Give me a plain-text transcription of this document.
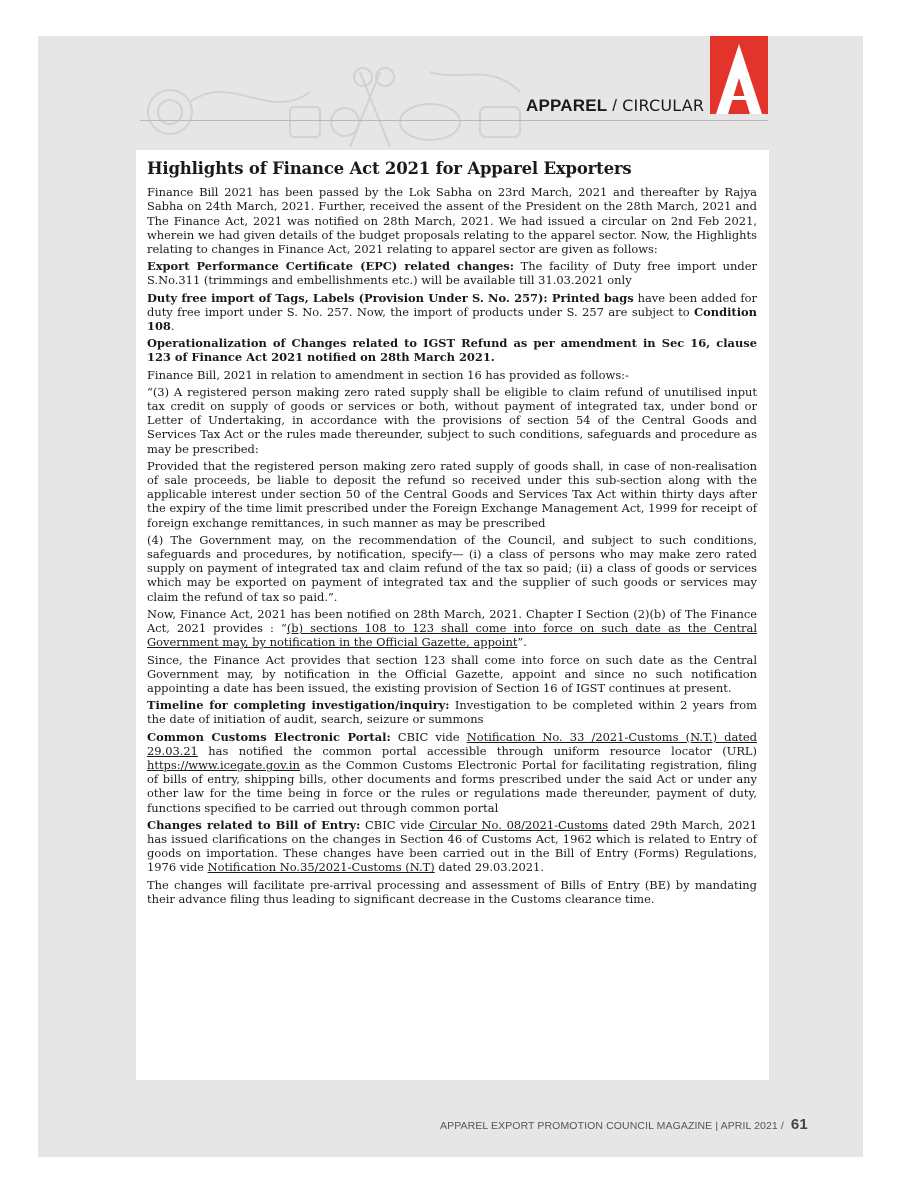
APPAREL / CIRCULAR
Highlights of Finance Act 2021 for Apparel Exporters

Finance Bill 2021 has been passed by the Lok Sabha on 23rd March, 2021 and thereafter by Rajya Sabha on 24th March, 2021. Further, received the assent of the President on the 28th March, 2021 and The Finance Act, 2021 was notified on 28th March, 2021. We had issued a circular on 2nd Feb 2021, wherein we had given details of the budget proposals relating to the apparel sector. Now, the Highlights relating to changes in Finance Act, 2021 relating to apparel sector are given as follows:

Export Performance Certificate (EPC) related changes: The facility of Duty free import under S.No.311 (trimmings and embellishments etc.) will be available till 31.03.2021 only

Duty free import of Tags, Labels (Provision Under S. No. 257): Printed bags have been added for duty free import under S. No. 257. Now, the import of products under S. 257 are subject to Condition 108.

Operationalization of Changes related to IGST Refund as per amendment in Sec 16, clause 123 of Finance Act 2021 notified on 28th March 2021.

Finance Bill, 2021 in relation to amendment in section 16 has provided as follows:-

“(3) A registered person making zero rated supply shall be eligible to claim refund of unutilised input tax credit on supply of goods or services or both, without payment of integrated tax, under bond or Letter of Undertaking, in accordance with the provisions of section 54 of the Central Goods and Services Tax Act or the rules made thereunder, subject to such conditions, safeguards and procedure as may be prescribed:

Provided that the registered person making zero rated supply of goods shall, in case of non-realisation of sale proceeds, be liable to deposit the refund so received under this sub-section along with the applicable interest under section 50 of the Central Goods and Services Tax Act within thirty days after the expiry of the time limit prescribed under the Foreign Exchange Management Act, 1999 for receipt of foreign exchange remittances, in such manner as may be prescribed

(4) The Government may, on the recommendation of the Council, and subject to such conditions, safeguards and procedures, by notification, specify— (i) a class of persons who may make zero rated supply on payment of integrated tax and claim refund of the tax so paid; (ii) a class of goods or services which may be exported on payment of integrated tax and the supplier of such goods or services may claim the refund of tax so paid.”.

Now, Finance Act, 2021 has been notified on 28th March, 2021. Chapter I Section (2)(b) of The Finance Act, 2021 provides : “(b) sections 108 to 123 shall come into force on such date as the Central Government may, by notification in the Official Gazette, appoint”.

Since, the Finance Act provides that section 123 shall come into force on such date as the Central Government may, by notification in the Official Gazette, appoint and since no such notification appointing a date has been issued, the existing provision of Section 16 of IGST continues at present.

Timeline for completing investigation/inquiry: Investigation to be completed within 2 years from the date of initiation of audit, search, seizure or summons

Common Customs Electronic Portal: CBIC vide Notification No. 33 /2021-Customs (N.T.) dated 29.03.21 has notified the common portal accessible through uniform resource locator (URL) https://www.icegate.gov.in as the Common Customs Electronic Portal for facilitating registration, filing of bills of entry, shipping bills, other documents and forms prescribed under the said Act or under any other law for the time being in force or the rules or regulations made thereunder, payment of duty, functions specified to be carried out through common portal

Changes related to Bill of Entry: CBIC vide Circular No. 08/2021-Customs dated 29th March, 2021 has issued clarifications on the changes in Section 46 of Customs Act, 1962 which is related to Entry of goods on importation. These changes have been carried out in the Bill of Entry (Forms) Regulations, 1976 vide Notification No.35/2021-Customs (N.T) dated 29.03.2021.

The changes will facilitate pre-arrival processing and assessment of Bills of Entry (BE) by mandating their advance filing thus leading to significant decrease in the Customs clearance time.

APPAREL EXPORT PROMOTION COUNCIL MAGAZINE | APRIL 2021 / 61
